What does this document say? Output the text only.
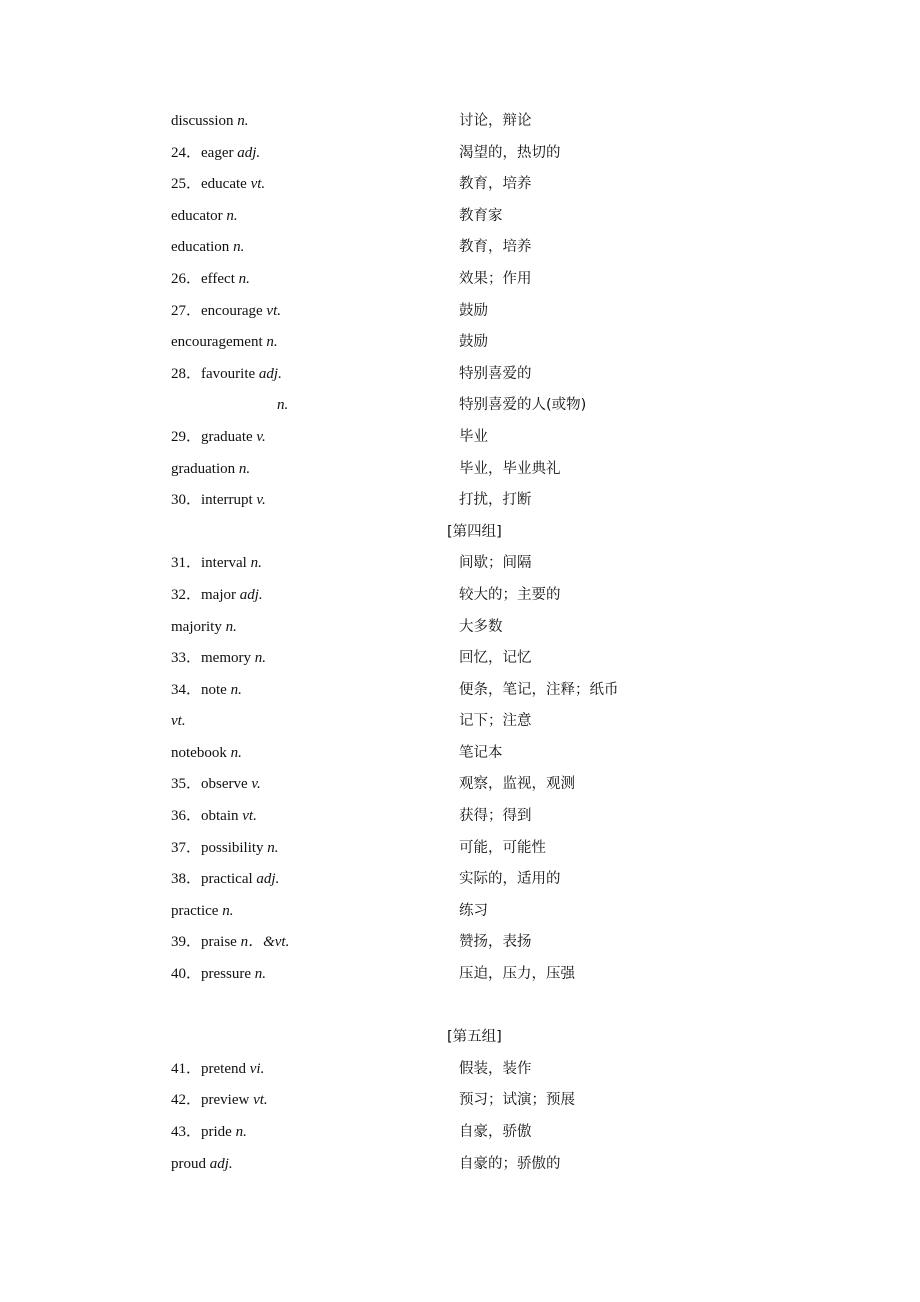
discussion n.	讨论，辩论
24．eager adj.	渴望的，热切的
25．educate vt.	教育，培养
educator n.	教育家
education n.	教育，培养
26．effect n.	效果；作用
27．encourage vt.	鼓励
encouragement n.	鼓励
28．favourite adj.	特别喜爱的
n.	特别喜爱的人(或物)
29．graduate v.	毕业
graduation n.	毕业，毕业典礼
30．interrupt v.	打扰，打断
[第四组]
31．interval n.	间歇；间隔
32．major adj.	较大的；主要的
majority n.	大多数
33．memory n.	回忆，记忆
34．note n.	便条，笔记，注释；纸币
vt.	记下；注意
notebook n.	笔记本
35．observe v.	观察，监视，观测
36．obtain vt.	获得；得到
37．possibility n.	可能，可能性
38．practical adj.	实际的，适用的
practice n.	练习
39．praise n．&vt.	赞扬，表扬
40．pressure n.	压迫，压力，压强
[第五组]
41．pretend vi.	假装，装作
42．preview vt.	预习；试演；预展
43．pride n.	自豪，骄傲
proud adj.	自豪的；骄傲的
